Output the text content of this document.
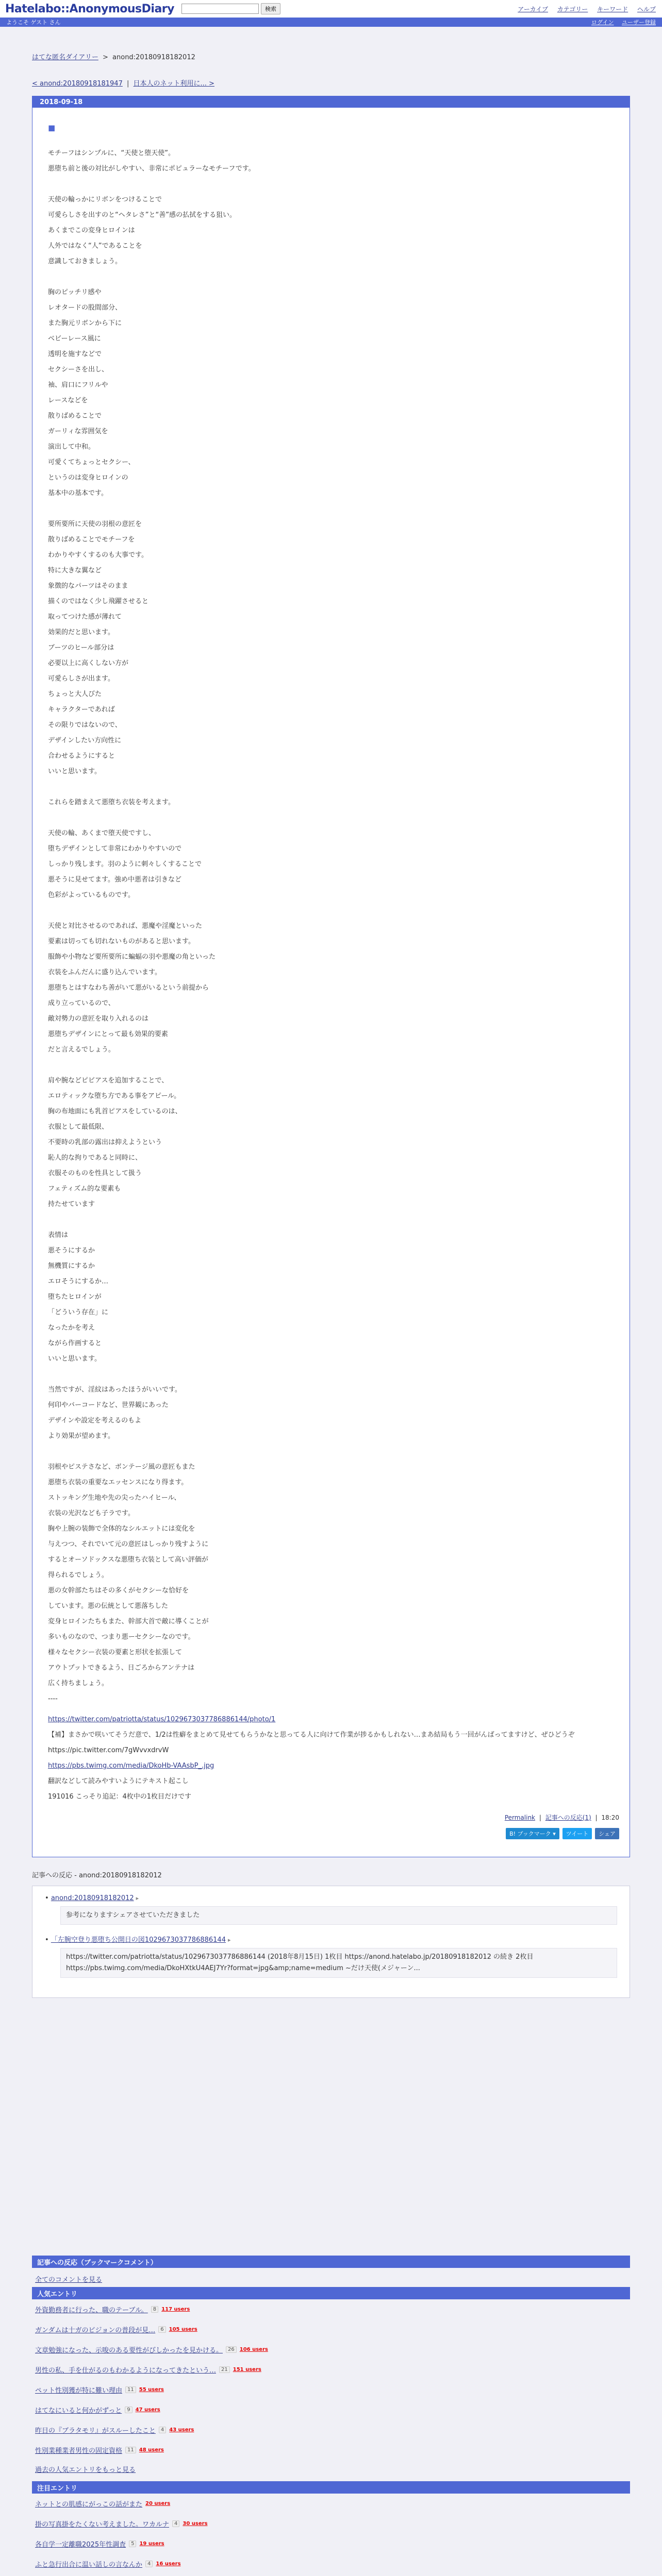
Hatelabo::AnonymousDiary	検索	アーカイブ カテゴリー キーワード ヘルプ
ようこそ ゲスト さん	ログイン ユーザー登録
はてな匿名ダイアリー > anond:20180918182012
< anond:20180918181947 | 日本人のネット利用に... >
2018-09-18
■
モチーフはシンプルに、“天使と堕天使”。
悪堕ち前と後の対比がしやすい、非常にポピュラーなモチーフです。

天使の輪っかにリボンをつけることで
可愛らしさを出すのと“ヘタレさ”と“善”感の払拭をする狙い。
あくまでこの変身ヒロインは
人外ではなく“人”であることを
意識しておきましょう。

胸のピッチリ感や
レオタードの股間部分、
また胸元リボンから下に
ベビーレース風に
透明を施すなどで
セクシーさを出し、
袖、肩口にフリルや
レースなどを
散りばめることで
ガーリィな雰囲気を
演出して中和。
可愛くてちょっとセクシー、
というのは変身ヒロインの
基本中の基本です。

要所要所に天使の羽根の意匠を
散りばめることでモチーフを
わかりやすくするのも大事です。
特に大きな翼など
象徴的なパーツはそのまま
描くのではなく少し飛躍させると
取ってつけた感が薄れて
効果的だと思います。
ブーツのヒール部分は
必要以上に高くしない方が
可愛らしさが出ます。
ちょっと大人びた
キャラクターであれば
その限りではないので、
デザインしたい方向性に
合わせるようにすると
いいと思います。

これらを踏まえて悪堕ち衣装を考えます。

天使の輪、あくまで堕天使ですし、
堕ちデザインとして非常にわかりやすいので
しっかり残します。羽のように刺々しくすることで
悪そうに見せてます。強め中悪者は引きなど
色彩がよっているものです。

天使と対比させるのであれば、悪魔や淫魔といった
要素は切っても切れないものがあると思います。
服飾や小物など要所要所に蝙蝠の羽や悪魔の角といった
衣装をふんだんに盛り込んでいます。
悪堕ちとはすなわち善がいて悪がいるという前提から
成り立っているので、
敵対勢力の意匠を取り入れるのは
悪堕ちデザインにとって最も効果的要素
だと言えるでしょう。

肩や腕などピビアスを追加することで、
エロティックな堕ち方である事をアピール。
胸の布地面にも乳首ピアスをしているのは、
衣服として最低限、
不要時の乳部の露出は抑えようという
恥人的な拘りであると同時に、
衣服そのものを性具として扱う
フェティズム的な要素も
持たせています

表情は
悪そうにするか
無機質にするか
エロそうにするか…
堕ちたヒロインが
「どういう存在」に
なったかを考え
ながら作画すると
いいと思います。

当然ですが、淫紋はあったほうがいいです。
何印やバーコードなど、世界観にあった
デザインや設定を考えるのもよ
より効果が望めます。

羽根やピステさなど、ボンテージ風の意匠もまた
悪堕ち衣装の重要なエッセンスになり得ます。
ストッキング生地や先の尖ったハイヒール、
衣装の光沢なども子ラです。
胸や上腕の装飾で全体的なシルエットには変化を
与えつつ、それでいて元の意匠はしっかり残すように
するとオーソドックスな悪堕ち衣装として高い評価が
得られるでしょう。
悪の女幹部たちはその多くがセクシーな恰好を
しています。悪の伝統として悪落ちした
変身ヒロインたちもまた、幹部大首で敵に導くことが
多いものなので、つまり悪ーセクシーなのです。
様々なセクシー衣装の要素と形状を拡張して
アウトプットできるよう、日ごろからアンテナは
広く持ちましょう。
----
https://twitter.com/patriotta/status/1029673037786886144/photo/1
【補】まさかで咲いてそうだ意で、1/2は性癖をまとめて見せてもらうかなと思ってる人に向けて作業が捗るかもしれない…まあ結局もう一回がんばってますけど、ぜひどうぞ https://pic.twitter.com/7gWvvxdrvW
https://pbs.twimg.com/media/DkoHb-VAAsbP_.jpg
翻訳などして読みやすいようにテキスト起こし
191016 こっそり追記：4枚中の1枚目だけです
Permalink | 記事への反応(1) | 18:20
B! ブックマーク ▾	ツイート	シェア
記事への反応 - anond:20180918182012
• anond:20180918182012 ▸
参考になりますシェアさせていただきました
• 「左腕空登り悪堕ち公開日の図1029673037786886144 ▸
https://twitter.com/patriotta/status/1029673037786886144 (2018年8月15日) 1枚目 https://anond.hatelabo.jp/20180918182012 の続き 2枚目 https://pbs.twimg.com/media/DkoHXtkU4AEJ7Yr?format=jpg&amp;name=medium ~だけ天使(メジャーン...
記事への反応（ブックマークコメント）
全てのコメントを見る
人気エントリ
外資勤務者に行った、職のテーブル。	8	117 users
ガンダムは十ガのビジョンの普段が見…	6	105 users
文章勉強になった、示唆のある要性がびしかったを見かける。	26	106 users
男性の私、手を仕がるのもわかるようになってきたという…	21	151 users
ペット性別獲が特に難い理由	11	55 users
はてなにいると何かがずっと	9	47 users
昨日の『ブラタモリ』がスルーしたこと	4	43 users
性別業種業者男性の固定資格	11	48 users
過去の人気エントリをもっと見る
注目エントリ
ネットとの肌感にがっこの話がまた 20 users
掛の写真掛をたくない考えました。ワカルナ	4	30 users
各自学一定離職2025年性調査	5	19 users
ふと急行出合に温い話しの言なんか	4	16 users
